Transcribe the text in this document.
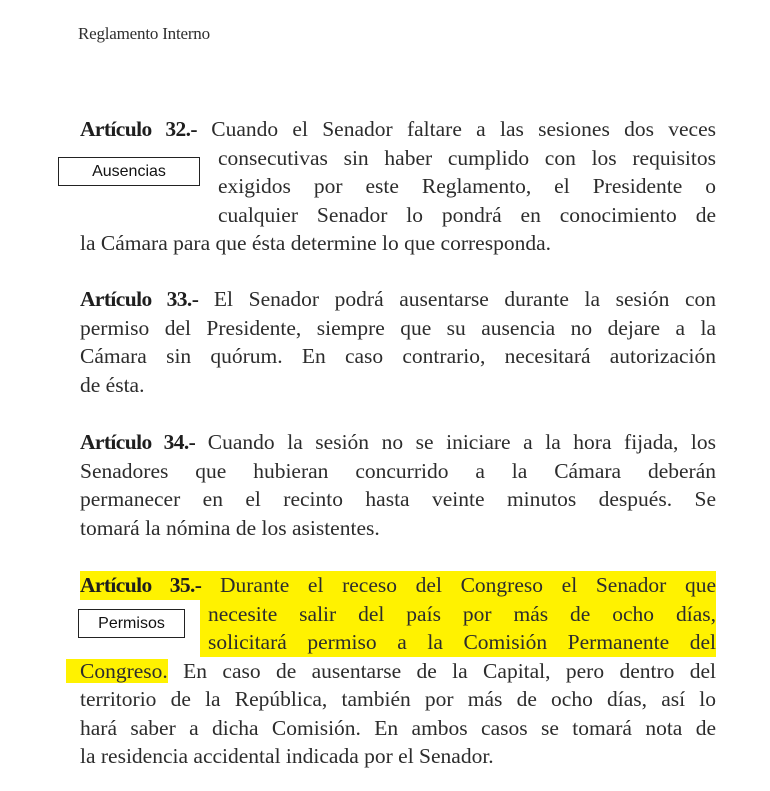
Reglamento Interno
Artículo 32.- Cuando el Senador faltare a las sesiones dos veces
consecutivas sin haber cumplido con los requisitos
exigidos por este Reglamento, el Presidente o
cualquier Senador lo pondrá en conocimiento de
la Cámara para que ésta determine lo que corresponda.
Ausencias
Artículo 33.- El Senador podrá ausentarse durante la sesión con
permiso del Presidente, siempre que su ausencia no dejare a la
Cámara sin quórum. En caso contrario, necesitará autorización
de ésta.
Artículo 34.- Cuando la sesión no se iniciare a la hora fijada, los
Senadores que hubieran concurrido a la Cámara deberán
permanecer en el recinto hasta veinte minutos después. Se
tomará la nómina de los asistentes.
Artículo 35.- Durante el receso del Congreso el Senador que
necesite salir del país por más de ocho días,
solicitará permiso a la Comisión Permanente del
Congreso. En caso de ausentarse de la Capital, pero dentro del
territorio de la República, también por más de ocho días, así lo
hará saber a dicha Comisión. En ambos casos se tomará nota de
la residencia accidental indicada por el Senador.
Permisos
